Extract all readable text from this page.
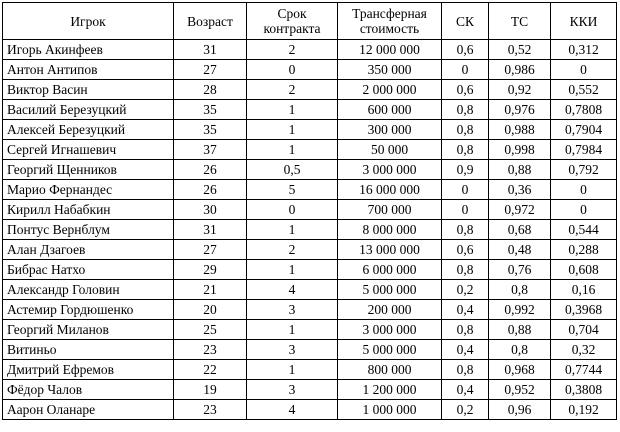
Игрок	Возраст	Срок контракта	Трансферная стоимость	СК	ТС	ККИ
Игорь Акинфеев	31	2	12 000 000	0,6	0,52	0,312
Антон Антипов	27	0	350 000	0	0,986	0
Виктор Васин	28	2	2 000 000	0,6	0,92	0,552
Василий Березуцкий	35	1	600 000	0,8	0,976	0,7808
Алексей Березуцкий	35	1	300 000	0,8	0,988	0,7904
Сергей Игнашевич	37	1	50 000	0,8	0,998	0,7984
Георгий Щенников	26	0,5	3 000 000	0,9	0,88	0,792
Марио Фернандес	26	5	16 000 000	0	0,36	0
Кирилл Набабкин	30	0	700 000	0	0,972	0
Понтус Вернблум	31	1	8 000 000	0,8	0,68	0,544
Алан Дзагоев	27	2	13 000 000	0,6	0,48	0,288
Бибрас Натхо	29	1	6 000 000	0,8	0,76	0,608
Александр Головин	21	4	5 000 000	0,2	0,8	0,16
Астемир Гордюшенко	20	3	200 000	0,4	0,992	0,3968
Георгий Миланов	25	1	3 000 000	0,8	0,88	0,704
Витиньо	23	3	5 000 000	0,4	0,8	0,32
Дмитрий Ефремов	22	1	800 000	0,8	0,968	0,7744
Фёдор Чалов	19	3	1 200 000	0,4	0,952	0,3808
Аарон Оланаре	23	4	1 000 000	0,2	0,96	0,192
